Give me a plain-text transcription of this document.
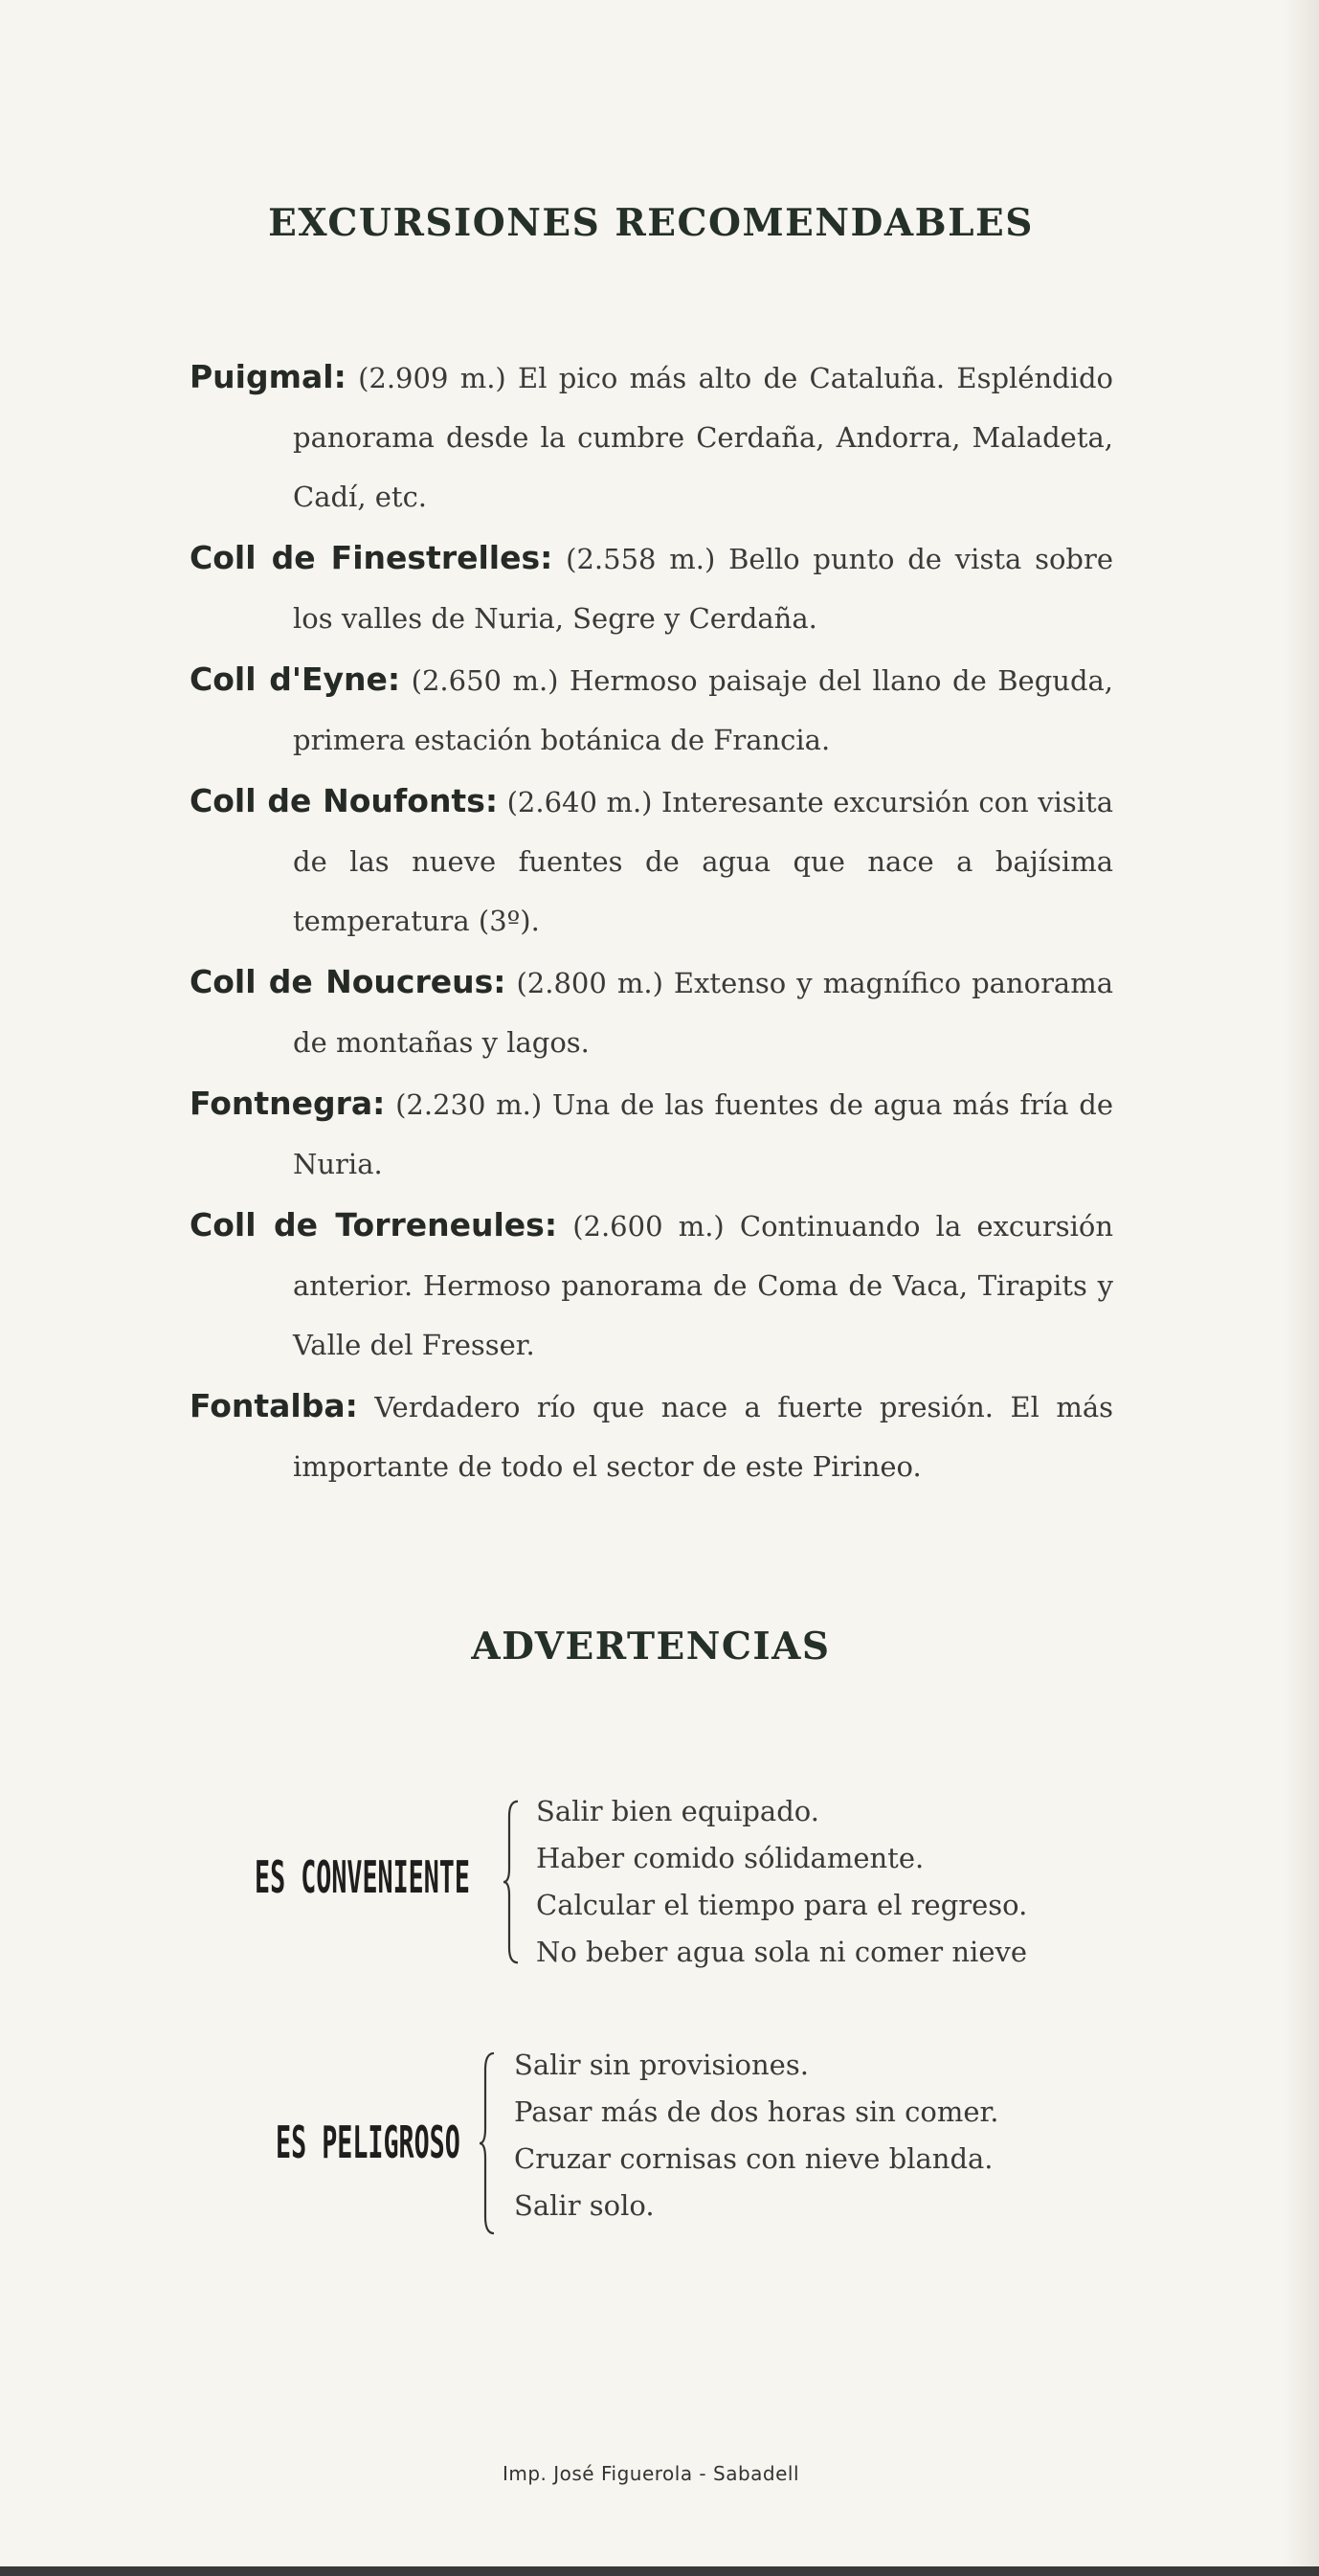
EXCURSIONES RECOMENDABLES

Puigmal: (2.909 m.) El pico más alto de Cataluña. Espléndido panorama desde la cumbre Cerdaña, Andorra, Maladeta, Cadí, etc.

Coll de Finestrelles: (2.558 m.) Bello punto de vista sobre los valles de Nuria, Segre y Cerdaña.

Coll d'Eyne: (2.650 m.) Hermoso paisaje del llano de Beguda, primera estación botánica de Francia.

Coll de Noufonts: (2.640 m.) Interesante excursión con visita de las nueve fuentes de agua que nace a bajísima temperatura (3º).

Coll de Noucreus: (2.800 m.) Extenso y magnífico panorama de montañas y lagos.

Fontnegra: (2.230 m.) Una de las fuentes de agua más fría de Nuria.

Coll de Torreneules: (2.600 m.) Continuando la excursión anterior. Hermoso panorama de Coma de Vaca, Tirapits y Valle del Fresser.

Fontalba: Verdadero río que nace a fuerte presión. El más importante de todo el sector de este Pirineo.

ADVERTENCIAS
ES CONVENIENTE
Salir bien equipado.
Haber comido sólidamente.
Calcular el tiempo para el regreso.
No beber agua sola ni comer nieve
ES PELIGROSO
Salir sin provisiones.
Pasar más de dos horas sin comer.
Cruzar cornisas con nieve blanda.
Salir solo.
Imp. José Figuerola - Sabadell
